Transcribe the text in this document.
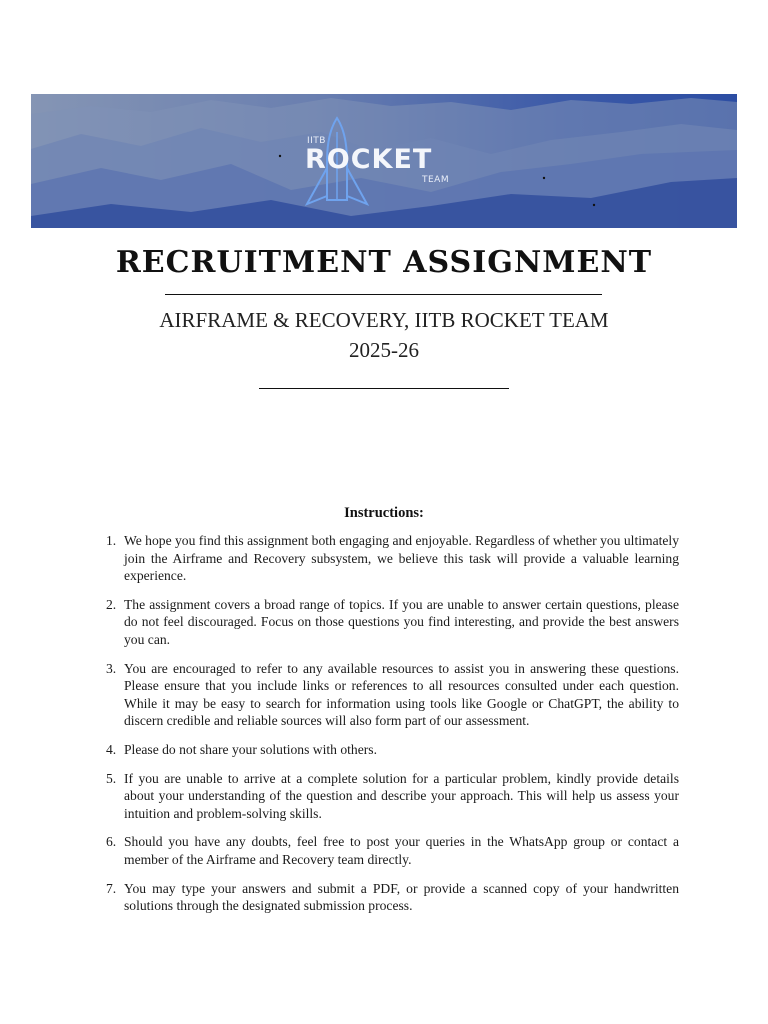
IITB
ROCKET
TEAM
RECRUITMENT ASSIGNMENT
AIRFRAME & RECOVERY, IITB ROCKET TEAM
2025-26
Instructions:
1. We hope you find this assignment both engaging and enjoyable. Regardless of whether you ultimately join the Airframe and Recovery subsystem, we believe this task will provide a valuable learning experience.
2. The assignment covers a broad range of topics. If you are unable to answer certain questions, please do not feel discouraged. Focus on those questions you find interesting, and provide the best answers you can.
3. You are encouraged to refer to any available resources to assist you in answering these questions. Please ensure that you include links or references to all resources consulted under each question. While it may be easy to search for information using tools like Google or ChatGPT, the ability to discern credible and reliable sources will also form part of our assessment.
4. Please do not share your solutions with others.
5. If you are unable to arrive at a complete solution for a particular problem, kindly provide details about your understanding of the question and describe your approach. This will help us assess your intuition and problem-solving skills.
6. Should you have any doubts, feel free to post your queries in the WhatsApp group or contact a member of the Airframe and Recovery team directly.
7. You may type your answers and submit a PDF, or provide a scanned copy of your handwritten solutions through the designated submission process.
